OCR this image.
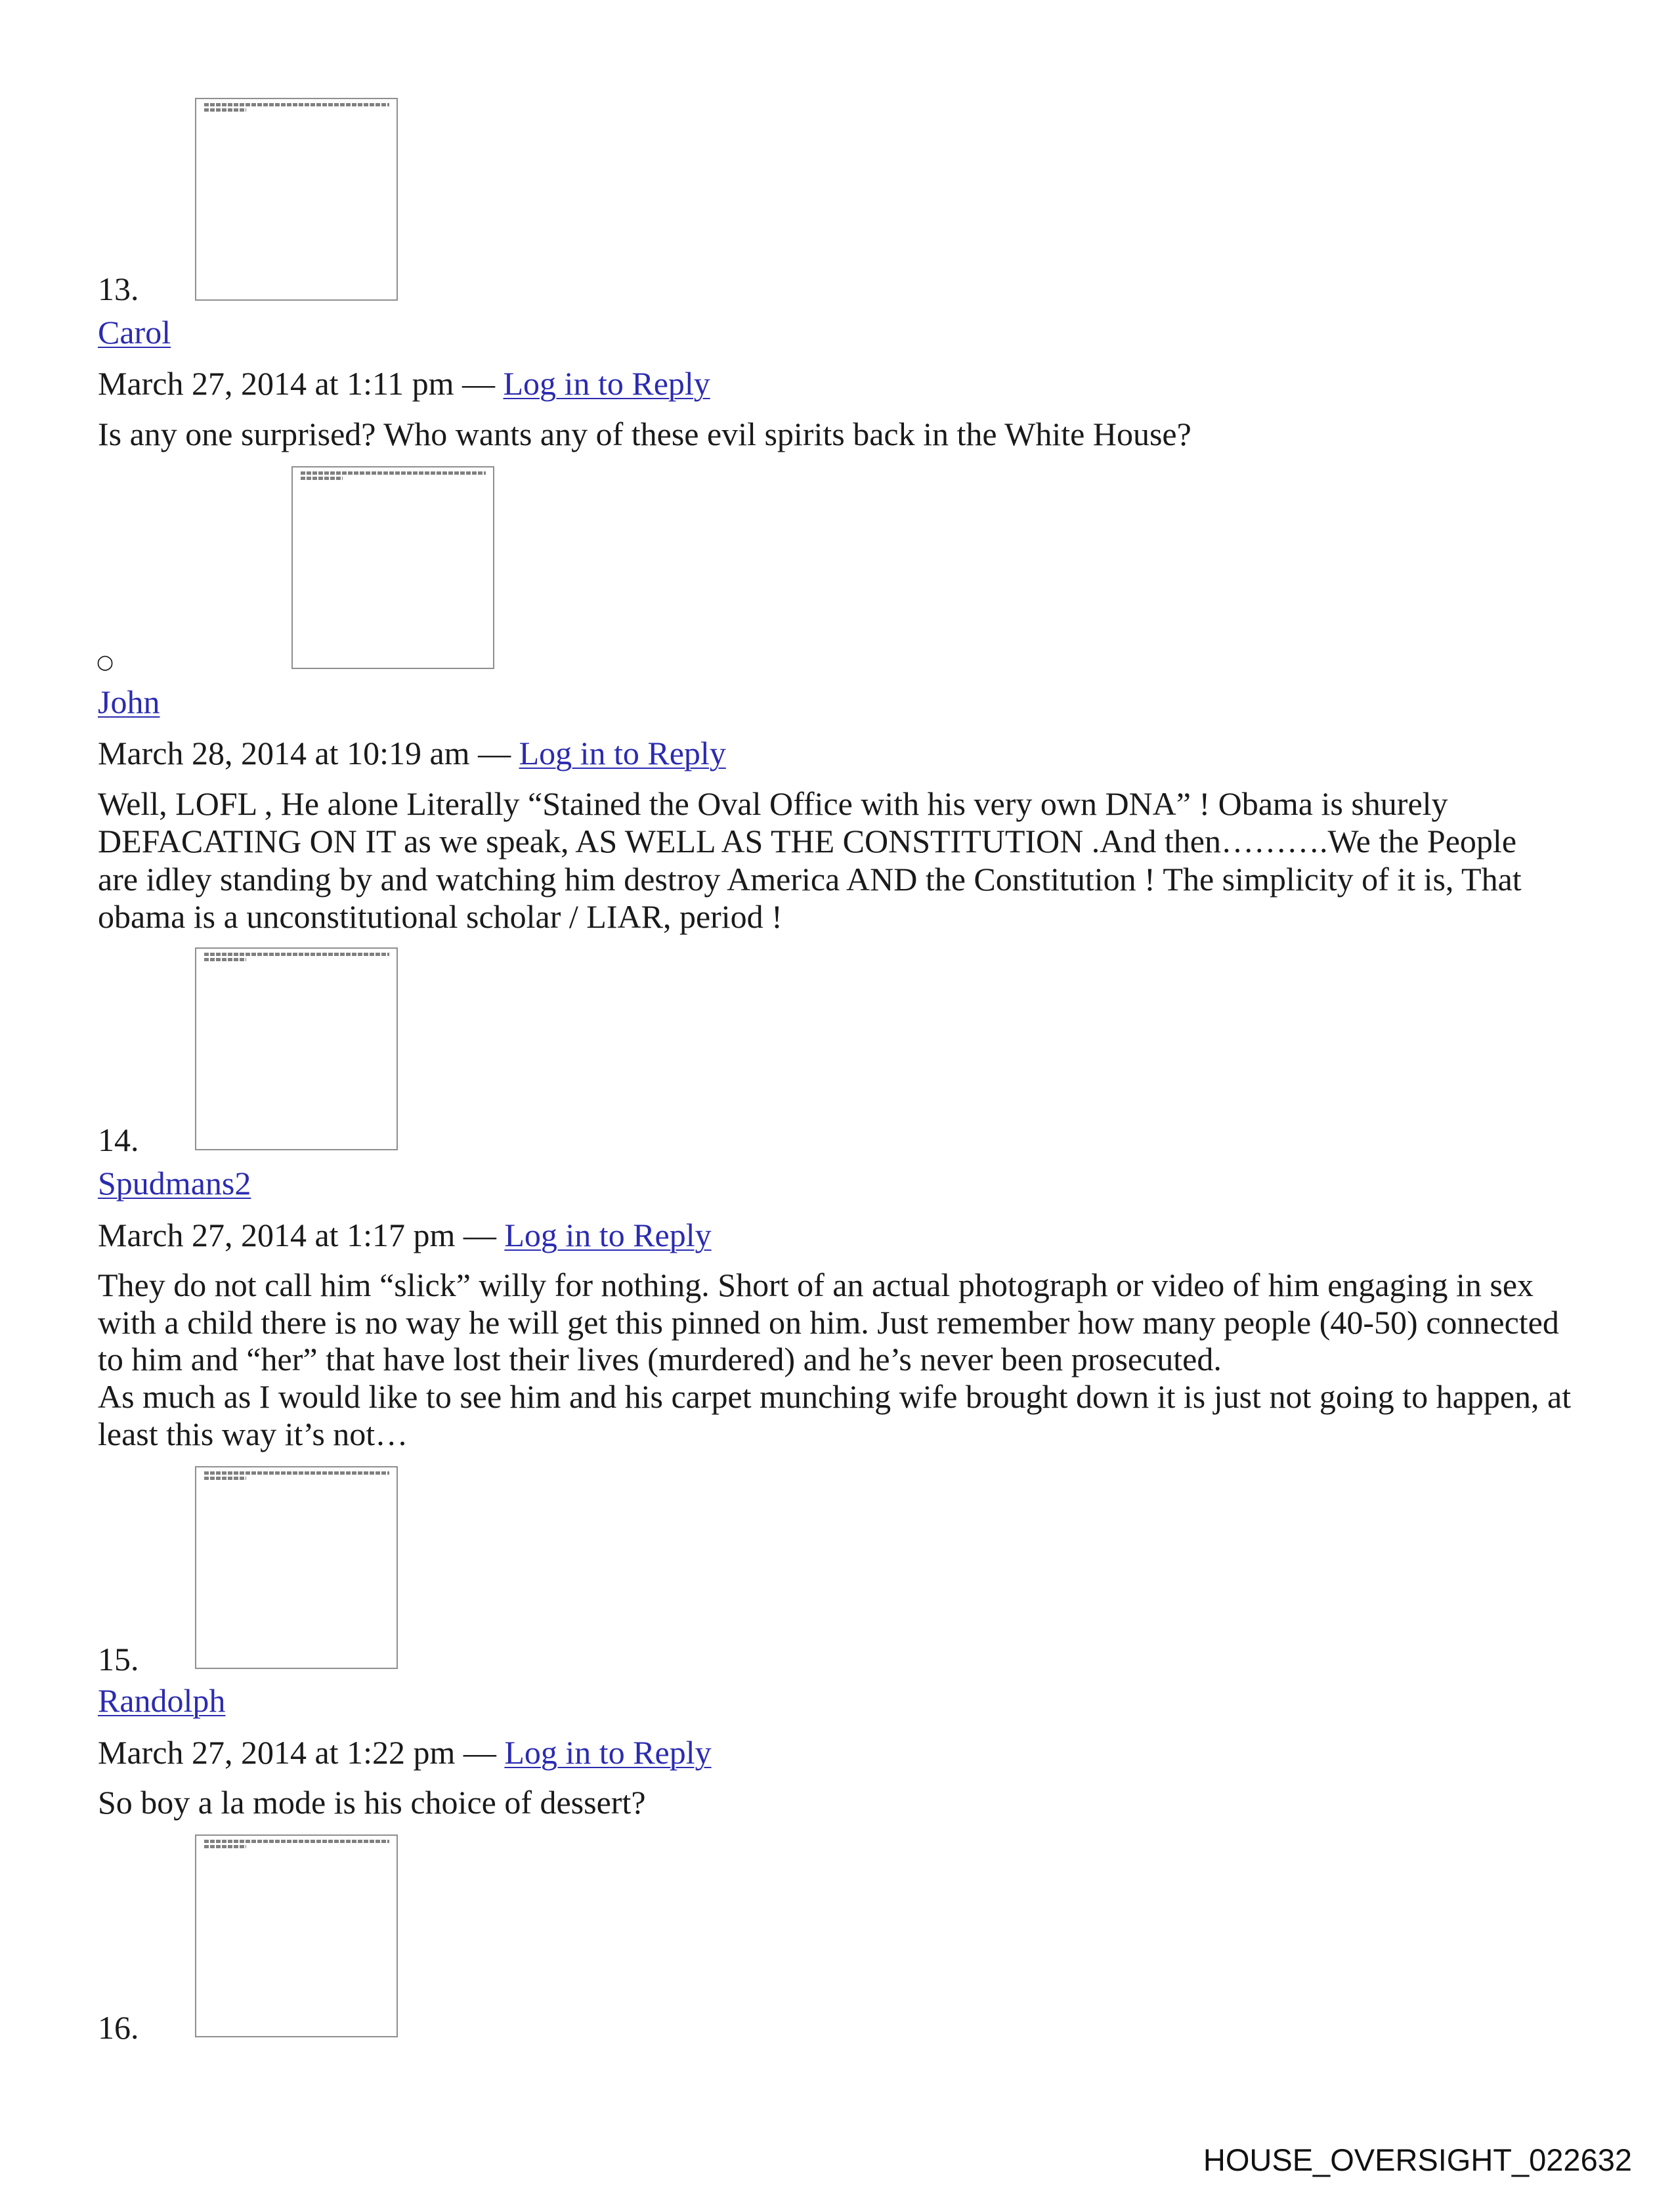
13.
Carol
March 27, 2014 at 1:11 pm — Log in to Reply
Is any one surprised? Who wants any of these evil spirits back in the White House?
○
John
March 28, 2014 at 10:19 am — Log in to Reply
Well, LOFL , He alone Literally “Stained the Oval Office with his very own DNA” ! Obama is shurely
DEFACATING ON IT as we speak, AS WELL AS THE CONSTITUTION .And then……….We the People
are idley standing by and watching him destroy America AND the Constitution ! The simplicity of it is, That
obama is a unconstitutional scholar / LIAR, period !
14.
Spudmans2
March 27, 2014 at 1:17 pm — Log in to Reply
They do not call him “slick” willy for nothing. Short of an actual photograph or video of him engaging in sex
with a child there is no way he will get this pinned on him. Just remember how many people (40-50) connected
to him and “her” that have lost their lives (murdered) and he’s never been prosecuted.
As much as I would like to see him and his carpet munching wife brought down it is just not going to happen, at
least this way it’s not…
15.
Randolph
March 27, 2014 at 1:22 pm — Log in to Reply
So boy a la mode is his choice of dessert?
16.
HOUSE_OVERSIGHT_022632
